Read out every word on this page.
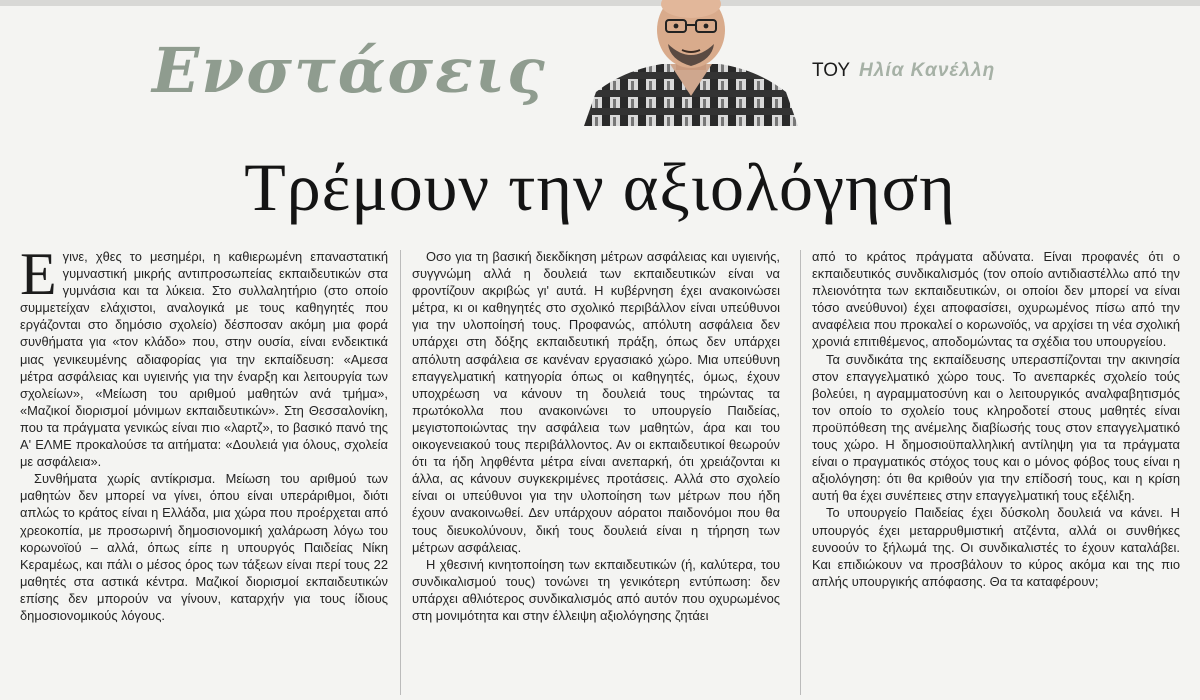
Ενστάσεις	ΤΟΥ Ηλία Κανέλλη
Τρέμουν την αξιολόγηση

Εγινε, χθες το μεσημέρι, η καθιερωμένη επαναστατική γυμναστική μικρής αντιπροσωπείας εκπαιδευτικών στα γυμνάσια και τα λύκεια. Στο συλλαλητήριο (στο οποίο συμμετείχαν ελάχιστοι, αναλογικά με τους καθηγητές που εργάζονται στο δημόσιο σχολείο) δέσποσαν ακόμη μια φορά συνθήματα για «τον κλάδο» που, στην ουσία, είναι ενδεικτικά μιας γενικευμένης αδιαφορίας για την εκπαίδευση: «Αμεσα μέτρα ασφάλειας και υγιεινής για την έναρξη και λειτουργία των σχολείων», «Μείωση του αριθμού μαθητών ανά τμήμα», «Μαζικοί διορισμοί μόνιμων εκπαιδευτικών». Στη Θεσσαλονίκη, που τα πράγματα γενικώς είναι πιο «λαρτζ», το βασικό πανό της Α' ΕΛΜΕ προκαλούσε τα αιτήματα: «Δουλειά για όλους, σχολεία με ασφάλεια».

Συνθήματα χωρίς αντίκρισμα. Μείωση του αριθμού των μαθητών δεν μπορεί να γίνει, όπου είναι υπεράριθμοι, διότι απλώς το κράτος είναι η Ελλάδα, μια χώρα που προέρχεται από χρεοκοπία, με προσωρινή δημοσιονομική χαλάρωση λόγω του κορωνοϊού – αλλά, όπως είπε η υπουργός Παιδείας Νίκη Κεραμέως, και πάλι ο μέσος όρος των τάξεων είναι περί τους 22 μαθητές στα αστικά κέντρα. Μαζικοί διορισμοί εκπαιδευτικών επίσης δεν μπορούν να γίνουν, καταρχήν για τους ίδιους δημοσιονομικούς λόγους.

Οσο για τη βασική διεκδίκηση μέτρων ασφάλειας και υγιεινής, συγγνώμη αλλά η δουλειά των εκπαιδευτικών είναι να φροντίζουν ακριβώς γι' αυτά. Η κυβέρνηση έχει ανακοινώσει μέτρα, κι οι καθηγητές στο σχολικό περιβάλλον είναι υπεύθυνοι για την υλοποίησή τους. Προφανώς, απόλυτη ασφάλεια δεν υπάρχει στη δόξης εκπαιδευτική πράξη, όπως δεν υπάρχει απόλυτη ασφάλεια σε κανέναν εργασιακό χώρο. Μια υπεύθυνη επαγγελματική κατηγορία όπως οι καθηγητές, όμως, έχουν υποχρέωση να κάνουν τη δουλειά τους τηρώντας τα πρωτόκολλα που ανακοινώνει το υπουργείο Παιδείας, μεγιστοποιώντας την ασφάλεια των μαθητών, άρα και του οικογενειακού τους περιβάλλοντος. Αν οι εκπαιδευτικοί θεωρούν ότι τα ήδη ληφθέντα μέτρα είναι ανεπαρκή, ότι χρειάζονται κι άλλα, ας κάνουν συγκεκριμένες προτάσεις. Αλλά στο σχολείο είναι οι υπεύθυνοι για την υλοποίηση των μέτρων που ήδη έχουν ανακοινωθεί. Δεν υπάρχουν αόρατοι παιδονόμοι που θα τους διευκολύνουν, δική τους δουλειά είναι η τήρηση των μέτρων ασφάλειας.

Η χθεσινή κινητοποίηση των εκπαιδευτικών (ή, καλύτερα, του συνδικαλισμού τους) τονώνει τη γενικότερη εντύπωση: δεν υπάρχει αθλιότερος συνδικαλισμός από αυτόν που οχυρωμένος στη μονιμότητα και στην έλλειψη αξιολόγησης ζητάει

από το κράτος πράγματα αδύνατα. Είναι προφανές ότι ο εκπαιδευτικός συνδικαλισμός (τον οποίο αντιδιαστέλλω από την πλειονότητα των εκπαιδευτικών, οι οποίοι δεν μπορεί να είναι τόσο ανεύθυνοι) έχει αποφασίσει, οχυρωμένος πίσω από την αναφέλεια που προκαλεί ο κορωνοϊός, να αρχίσει τη νέα σχολική χρονιά επιτιθέμενος, αποδομώντας τα σχέδια του υπουργείου.

Τα συνδικάτα της εκπαίδευσης υπερασπίζονται την ακινησία στον επαγγελματικό χώρο τους. Το ανεπαρκές σχολείο τούς βολεύει, η αγραμματοσύνη και ο λειτουργικός αναλφαβητισμός τον οποίο το σχολείο τους κληροδοτεί στους μαθητές είναι προϋπόθεση της ανέμελης διαβίωσής τους στον επαγγελματικό τους χώρο. Η δημοσιοϋπαλληλική αντίληψη για τα πράγματα είναι ο πραγματικός στόχος τους και ο μόνος φόβος τους είναι η αξιολόγηση: ότι θα κριθούν για την επίδοσή τους, και η κρίση αυτή θα έχει συνέπειες στην επαγγελματική τους εξέλιξη.

Το υπουργείο Παιδείας έχει δύσκολη δουλειά να κάνει. Η υπουργός έχει μεταρρυθμιστική ατζέντα, αλλά οι συνθήκες ευνοούν το ξήλωμά της. Οι συνδικαλιστές το έχουν καταλάβει. Και επιδιώκουν να προσβάλουν το κύρος ακόμα και της πιο απλής υπουργικής απόφασης. Θα τα καταφέρουν;
